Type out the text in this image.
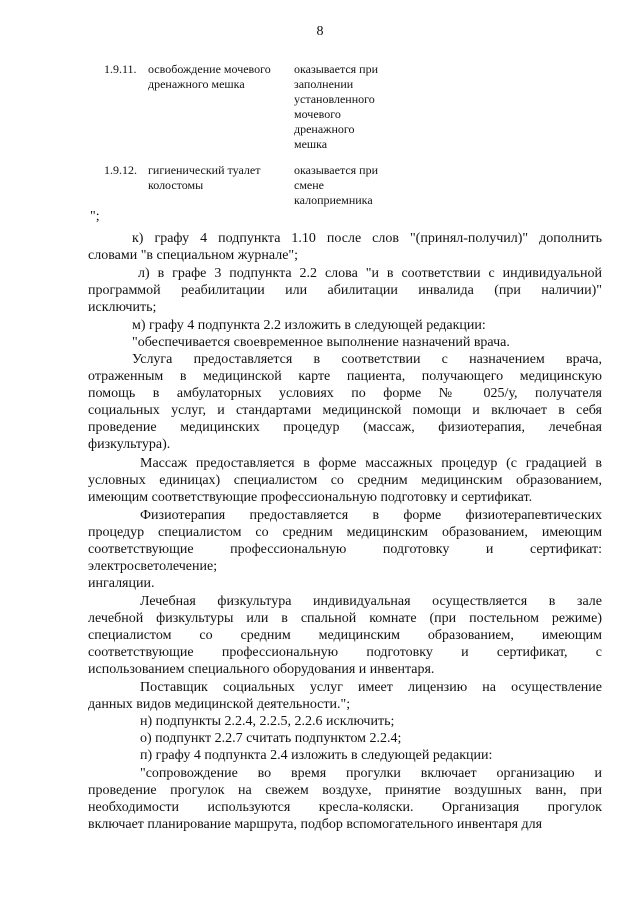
8
1.9.11. освобождение мочевого
дренажного мешка
оказывается при
заполнении
установленного
мочевого
дренажного
мешка
1.9.12. гигиенический туалет
колостомы
оказывается при
смене
калоприемника
";
к) графу 4 подпункта 1.10 после слов "(принял-получил)" дополнить
словами "в специальном журнале";
л) в графе 3 подпункта 2.2 слова "и в соответствии с индивидуальной
программой реабилитации или абилитации инвалида (при наличии)"
исключить;
м) графу 4 подпункта 2.2 изложить в следующей редакции:
"обеспечивается своевременное выполнение назначений врача.
Услуга предоставляется в соответствии с назначением врача,
отраженным в медицинской карте пациента, получающего медицинскую
помощь в амбулаторных условиях по форме № 025/у, получателя
социальных услуг, и стандартами медицинской помощи и включает в себя
проведение медицинских процедур (массаж, физиотерапия, лечебная
физкультура).
Массаж предоставляется в форме массажных процедур (с градацией в
условных единицах) специалистом со средним медицинским образованием,
имеющим соответствующие профессиональную подготовку и сертификат.
Физиотерапия предоставляется в форме физиотерапевтических
процедур специалистом со средним медицинским образованием, имеющим
соответствующие профессиональную подготовку и сертификат:
электросветолечение;
ингаляции.
Лечебная физкультура индивидуальная осуществляется в зале
лечебной физкультуры или в спальной комнате (при постельном режиме)
специалистом со средним медицинским образованием, имеющим
соответствующие профессиональную подготовку и сертификат, с
использованием специального оборудования и инвентаря.
Поставщик социальных услуг имеет лицензию на осуществление
данных видов медицинской деятельности.";
н) подпункты 2.2.4, 2.2.5, 2.2.6 исключить;
о) подпункт 2.2.7 считать подпунктом 2.2.4;
п) графу 4 подпункта 2.4 изложить в следующей редакции:
"сопровождение во время прогулки включает организацию и
проведение прогулок на свежем воздухе, принятие воздушных ванн, при
необходимости используются кресла-коляски. Организация прогулок
включает планирование маршрута, подбор вспомогательного инвентаря для
